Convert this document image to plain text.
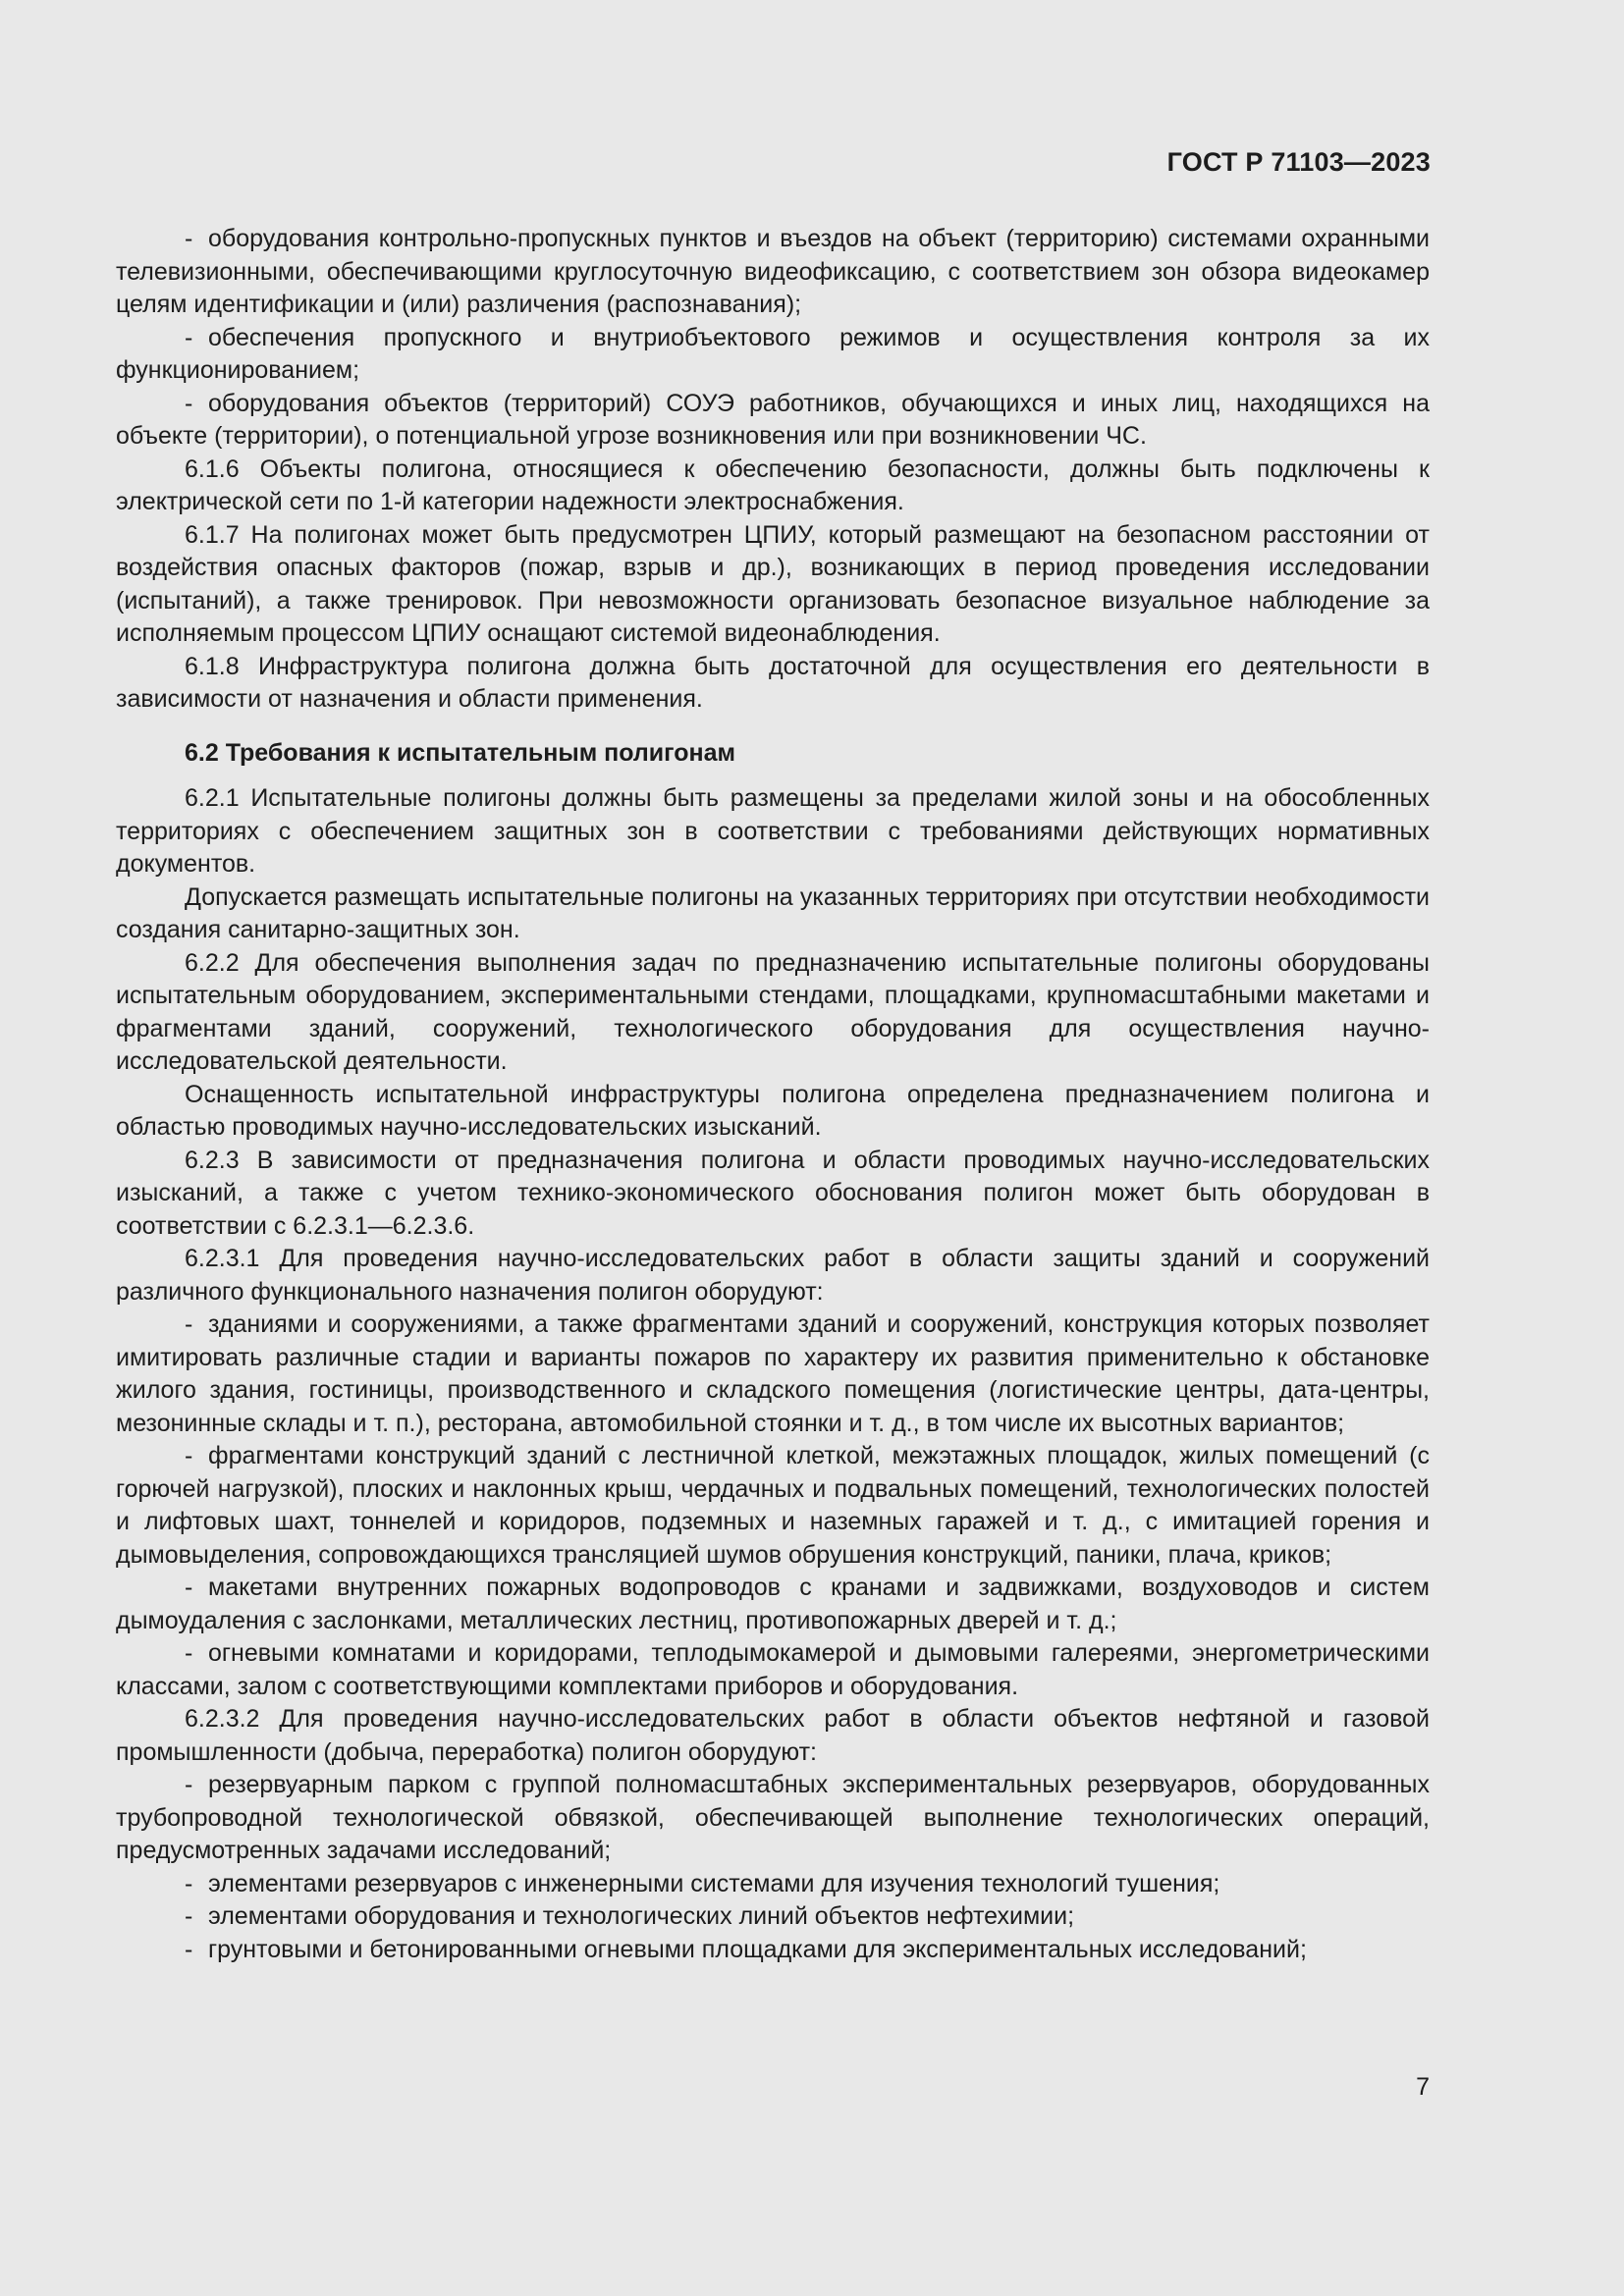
ГОСТ Р 71103—2023

- оборудования контрольно-пропускных пунктов и въездов на объект (территорию) системами охранными телевизионными, обеспечивающими круглосуточную видеофиксацию, с соответствием зон обзора видеокамер целям идентификации и (или) различения (распознавания);

- обеспечения пропускного и внутриобъектового режимов и осуществления контроля за их функционированием;

- оборудования объектов (территорий) СОУЭ работников, обучающихся и иных лиц, находящихся на объекте (территории), о потенциальной угрозе возникновения или при возникновении ЧС.

6.1.6 Объекты полигона, относящиеся к обеспечению безопасности, должны быть подключены к электрической сети по 1-й категории надежности электроснабжения.

6.1.7 На полигонах может быть предусмотрен ЦПИУ, который размещают на безопасном расстоянии от воздействия опасных факторов (пожар, взрыв и др.), возникающих в период проведения исследовании (испытаний), а также тренировок. При невозможности организовать безопасное визуальное наблюдение за исполняемым процессом ЦПИУ оснащают системой видеонаблюдения.

6.1.8 Инфраструктура полигона должна быть достаточной для осуществления его деятельности в зависимости от назначения и области применения.

6.2 Требования к испытательным полигонам

6.2.1 Испытательные полигоны должны быть размещены за пределами жилой зоны и на обособленных территориях с обеспечением защитных зон в соответствии с требованиями действующих нормативных документов.

Допускается размещать испытательные полигоны на указанных территориях при отсутствии необходимости создания санитарно-защитных зон.

6.2.2 Для обеспечения выполнения задач по предназначению испытательные полигоны оборудованы испытательным оборудованием, экспериментальными стендами, площадками, крупномасштабными макетами и фрагментами зданий, сооружений, технологического оборудования для осуществления научно-исследовательской деятельности.

Оснащенность испытательной инфраструктуры полигона определена предназначением полигона и областью проводимых научно-исследовательских изысканий.

6.2.3 В зависимости от предназначения полигона и области проводимых научно-исследовательских изысканий, а также с учетом технико-экономического обоснования полигон может быть оборудован в соответствии с 6.2.3.1—6.2.3.6.

6.2.3.1 Для проведения научно-исследовательских работ в области защиты зданий и сооружений различного функционального назначения полигон оборудуют:

- зданиями и сооружениями, а также фрагментами зданий и сооружений, конструкция которых позволяет имитировать различные стадии и варианты пожаров по характеру их развития применительно к обстановке жилого здания, гостиницы, производственного и складского помещения (логистические центры, дата-центры, мезонинные склады и т. п.), ресторана, автомобильной стоянки и т. д., в том числе их высотных вариантов;

- фрагментами конструкций зданий с лестничной клеткой, межэтажных площадок, жилых помещений (с горючей нагрузкой), плоских и наклонных крыш, чердачных и подвальных помещений, технологических полостей и лифтовых шахт, тоннелей и коридоров, подземных и наземных гаражей и т. д., с имитацией горения и дымовыделения, сопровождающихся трансляцией шумов обрушения конструкций, паники, плача, криков;

- макетами внутренних пожарных водопроводов с кранами и задвижками, воздуховодов и систем дымоудаления с заслонками, металлических лестниц, противопожарных дверей и т. д.;

- огневыми комнатами и коридорами, теплодымокамерой и дымовыми галереями, энергометрическими классами, залом с соответствующими комплектами приборов и оборудования.

6.2.3.2 Для проведения научно-исследовательских работ в области объектов нефтяной и газовой промышленности (добыча, переработка) полигон оборудуют:

- резервуарным парком с группой полномасштабных экспериментальных резервуаров, оборудованных трубопроводной технологической обвязкой, обеспечивающей выполнение технологических операций, предусмотренных задачами исследований;

- элементами резервуаров с инженерными системами для изучения технологий тушения;

- элементами оборудования и технологических линий объектов нефтехимии;

- грунтовыми и бетонированными огневыми площадками для экспериментальных исследований;

7
